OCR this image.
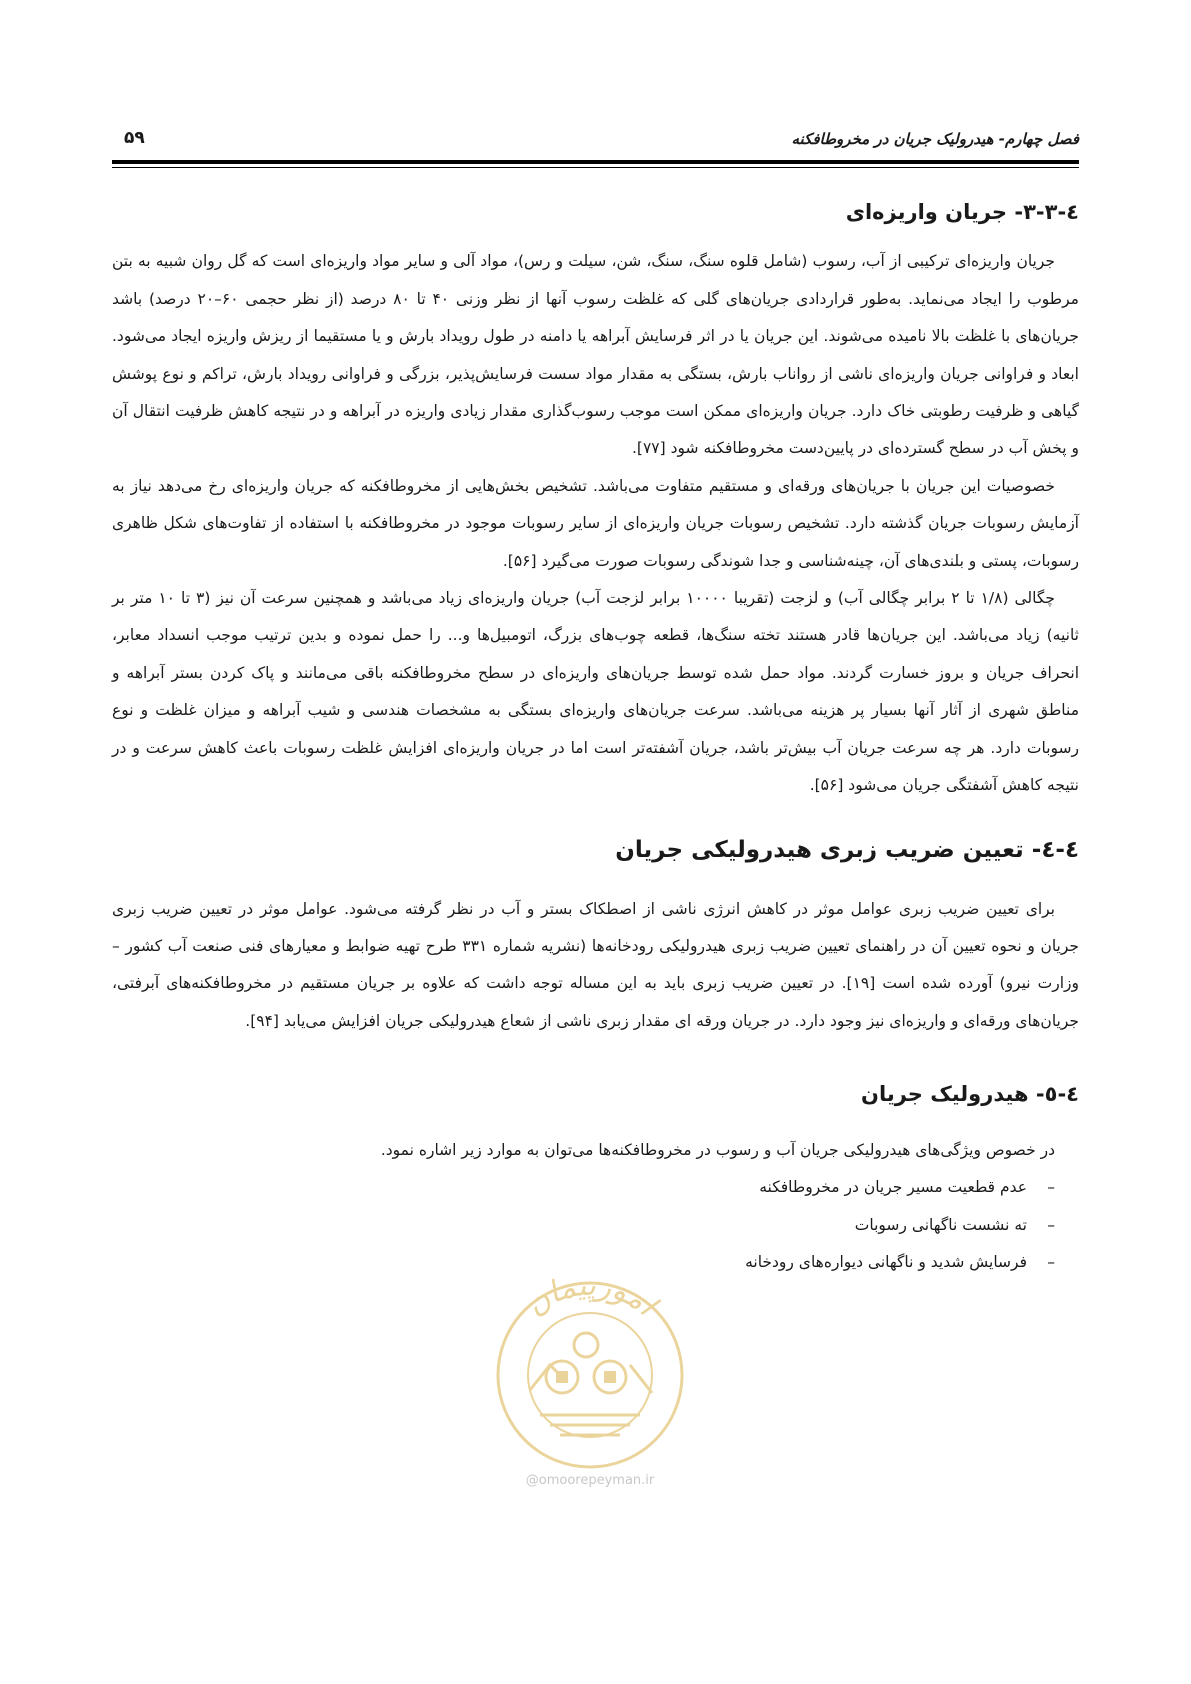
فصل چهارم- هیدرولیک جریان در مخروطافکنه
۵۹
٤-٣-٣- جریان واریزه‌ای

جریان واریزه‌ای ترکیبی از آب، رسوب (شامل قلوه سنگ، سنگ، شن، سیلت و رس)، مواد آلی و سایر مواد واریزه‌ای است که گل روان شبیه به بتن مرطوب را ایجاد می‌نماید. به‌طور قراردادی جریان‌های گلی که غلظت رسوب آنها از نظر وزنی ۴۰ تا ۸۰ درصد (از نظر حجمی ۶۰–۲۰ درصد) باشد جریان‌های با غلظت بالا نامیده می‌شوند. این جریان یا در اثر فرسایش آبراهه یا دامنه در طول رویداد بارش و یا مستقیما از ریزش واریزه ایجاد می‌شود. ابعاد و فراوانی جریان واریزه‌ای ناشی از رواناب بارش، بستگی به مقدار مواد سست فرسایش‌پذیر، بزرگی و فراوانی رویداد بارش، تراکم و نوع پوشش گیاهی و ظرفیت رطوبتی خاک دارد. جریان واریزه‌ای ممکن است موجب رسوب‌گذاری مقدار زیادی واریزه در آبراهه و در نتیجه کاهش ظرفیت انتقال آن و پخش آب در سطح گسترده‌ای در پایین‌دست مخروطافکنه شود [۷۷].

خصوصیات این جریان با جریان‌های ورقه‌ای و مستقیم متفاوت می‌باشد. تشخیص بخش‌هایی از مخروطافکنه که جریان واریزه‌ای رخ می‌دهد نیاز به آزمایش رسوبات جریان گذشته دارد. تشخیص رسوبات جریان واریزه‌ای از سایر رسوبات موجود در مخروطافکنه با استفاده از تفاوت‌های شکل ظاهری رسوبات، پستی و بلندی‌های آن، چینه‌شناسی و جدا شوندگی رسوبات صورت می‌گیرد [۵۶].

چگالی (۱/۸ تا ۲ برابر چگالی آب) و لزجت (تقریبا ۱۰۰۰۰ برابر لزجت آب) جریان واریزه‌ای زیاد می‌باشد و همچنین سرعت آن نیز (۳ تا ۱۰ متر بر ثانیه) زیاد می‌باشد. این جریان‌ها قادر هستند تخته سنگ‌ها، قطعه چوب‌های بزرگ، اتومبیل‌ها و... را حمل نموده و بدین ترتیب موجب انسداد معابر، انحراف جریان و بروز خسارت گردند. مواد حمل شده توسط جریان‌های واریزه‌ای در سطح مخروطافکنه باقی می‌مانند و پاک کردن بستر آبراهه و مناطق شهری از آثار آنها بسیار پر هزینه می‌باشد. سرعت جریان‌های واریزه‌ای بستگی به مشخصات هندسی و شیب آبراهه و میزان غلظت و نوع رسوبات دارد. هر چه سرعت جریان آب بیش‌تر باشد، جریان آشفته‌تر است اما در جریان واریزه‌ای افزایش غلظت رسوبات باعث کاهش سرعت و در نتیجه کاهش آشفتگی جریان می‌شود [۵۶].

٤-٤- تعیین ضریب زبری هیدرولیکی جریان

برای تعیین ضریب زبری عوامل موثر در کاهش انرژی ناشی از اصطکاک بستر و آب در نظر گرفته می‌شود. عوامل موثر در تعیین ضریب زبری جریان و نحوه تعیین آن در راهنمای تعیین ضریب زبری هیدرولیکی رودخانه‌ها (نشریه شماره ۳۳۱ طرح تهیه ضوابط و معیارهای فنی صنعت آب کشور – وزارت نیرو) آورده شده است [۱۹]. در تعیین ضریب زبری باید به این مساله توجه داشت که علاوه بر جریان مستقیم در مخروطافکنه‌های آبرفتی، جریان‌های ورقه‌ای و واریزه‌ای نیز وجود دارد. در جریان ورقه ای مقدار زبری ناشی از شعاع هیدرولیکی جریان افزایش می‌یابد [۹۴].

٤-٥- هیدرولیک جریان

در خصوص ویژگی‌های هیدرولیکی جریان آب و رسوب در مخروطافکنه‌ها می‌توان به موارد زیر اشاره نمود.

–
عدم قطعیت مسیر جریان در مخروطافکنه
–
ته نشست ناگهانی رسوبات
–
فرسایش شدید و ناگهانی دیواره‌های رودخانه
امورپیمان
@omoorepeyman.ir
